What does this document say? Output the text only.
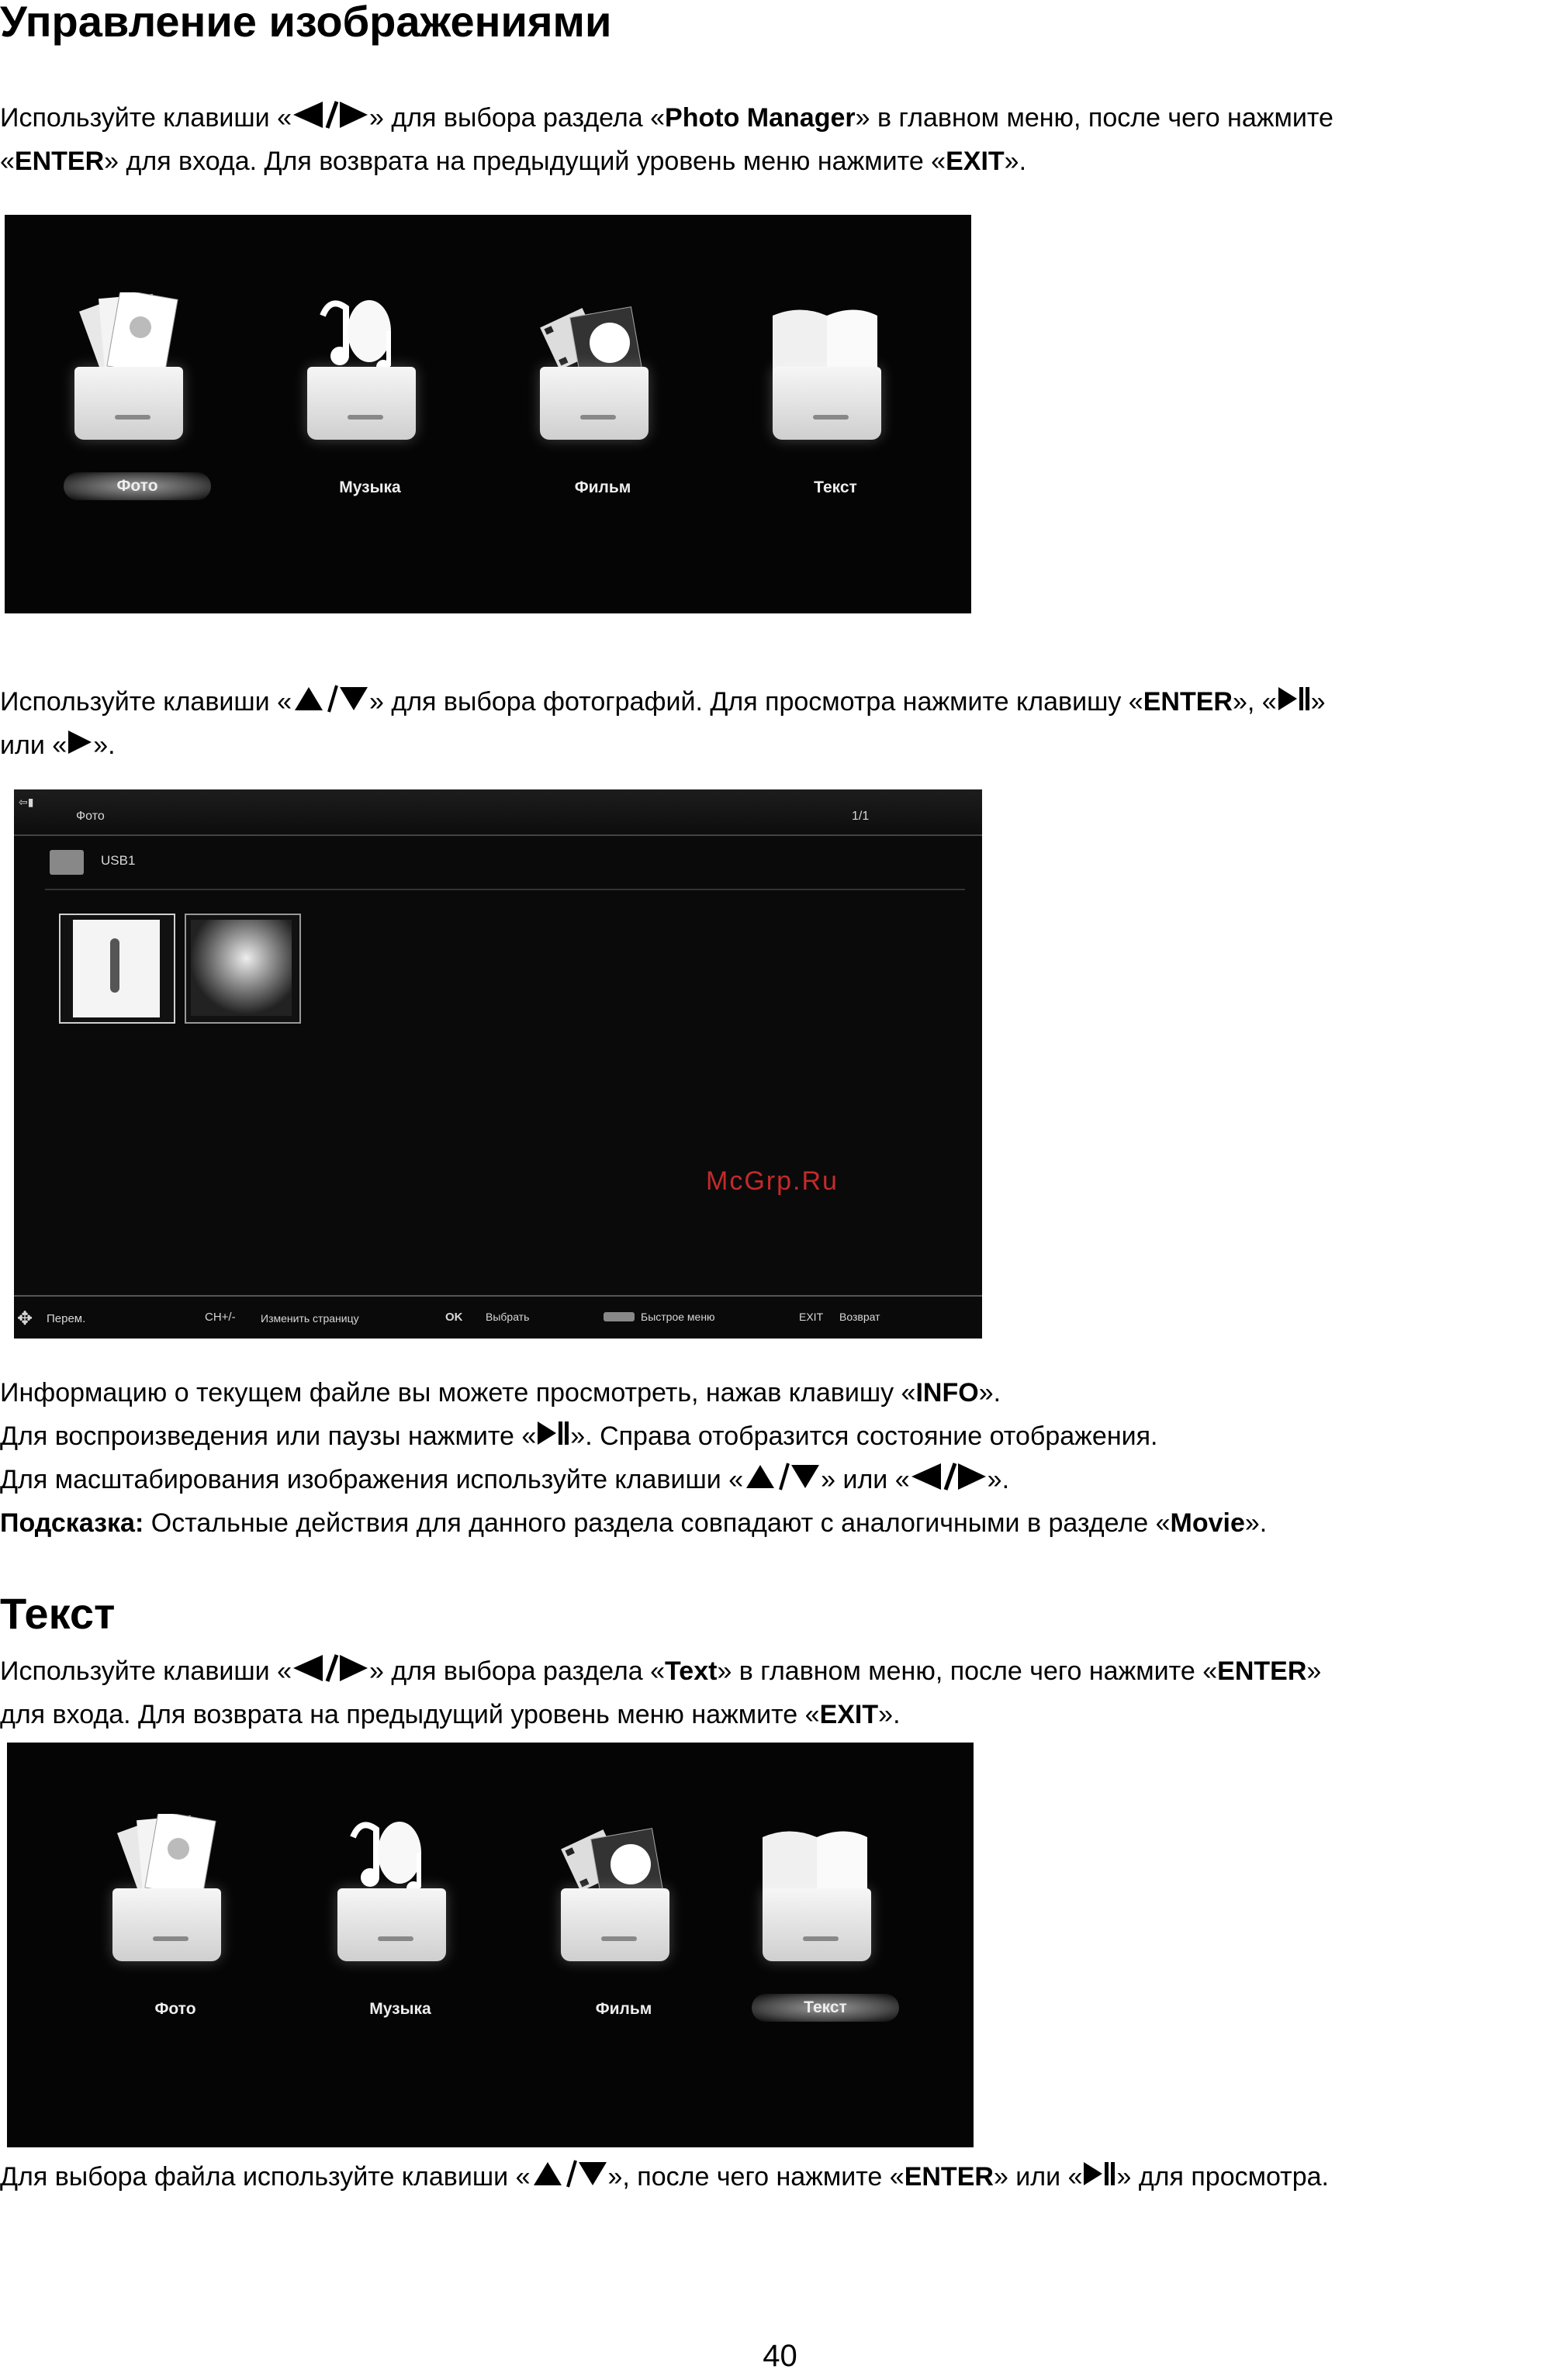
Управление изображениями

Используйте клавиши «	» для выбора раздела «Photo Manager» в главном меню, после чего нажмите

«ENTER» для входа. Для возврата на предыдущий уровень меню нажмите «EXIT».

Фото	Музыка	Фильм	Текст

Используйте клавиши «	» для выбора фотографий. Для просмотра нажмите клавишу «ENTER», « »

или « ».

⇦▮
Фото	1/1
USB1
McGrp.Ru
✥ Перем.	CH+/- Изменить страницу	OK Выбрать	Быстрое меню	EXIT Возврат

Информацию о текущем файле вы можете просмотреть, нажав клавишу «INFO».

Для воспроизведения или паузы нажмите « ». Справа отобразится состояние отображения.

Для масштабирования изображения используйте клавиши «	» или «	».

Подсказка: Остальные действия для данного раздела совпадают с аналогичными в разделе «Movie».

Текст

Используйте клавиши «	» для выбора раздела «Text» в главном меню, после чего нажмите «ENTER»

для входа. Для возврата на предыдущий уровень меню нажмите «EXIT».

Фото	Музыка	Фильм	Текст

Для выбора файла используйте клавиши «	», после чего нажмите «ENTER» или « » для просмотра.

40
